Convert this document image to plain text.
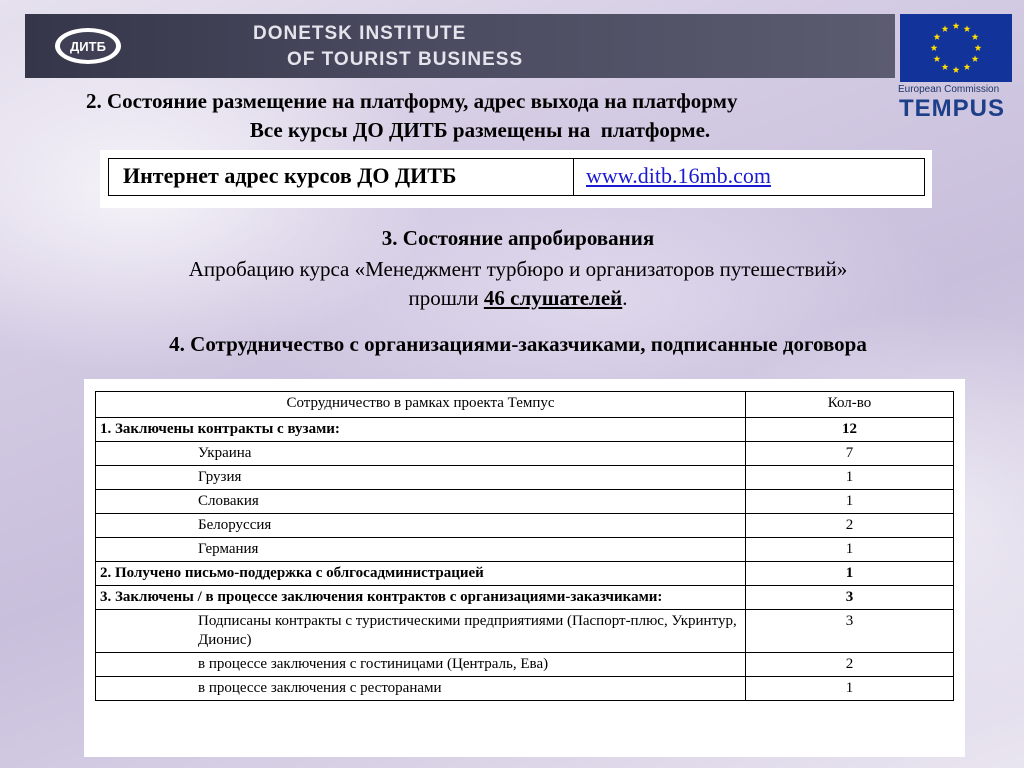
ДИТБ
DONETSK INSTITUTE
OF TOURIST BUSINESS
European Commission
TEMPUS
2. Состояние размещение на платформу, адрес выхода на платформу
Все курсы ДО ДИТБ размещены на  платформе.
Интернет адрес курсов ДО ДИТБ	www.ditb.16mb.com
3. Состояние апробирования
Апробацию курса «Менеджмент турбюро и организаторов путешествий»
прошли 46 слушателей.
4. Сотрудничество с организациями-заказчиками, подписанные договора
Сотрудничество в рамках проекта Темпус	Кол-во
1. Заключены контракты с вузами:	12
Украина	7
Грузия	1
Словакия	1
Белоруссия	2
Германия	1
2. Получено письмо-поддержка с облгосадминистрацией	1
3. Заключены / в процессе заключения контрактов с организациями-заказчиками:	3
Подписаны контракты с туристическими предприятиями (Паспорт-плюс, Укринтур, Дионис)	3
в процессе заключения с гостиницами (Централь, Ева)	2
в процессе заключения с ресторанами	1
